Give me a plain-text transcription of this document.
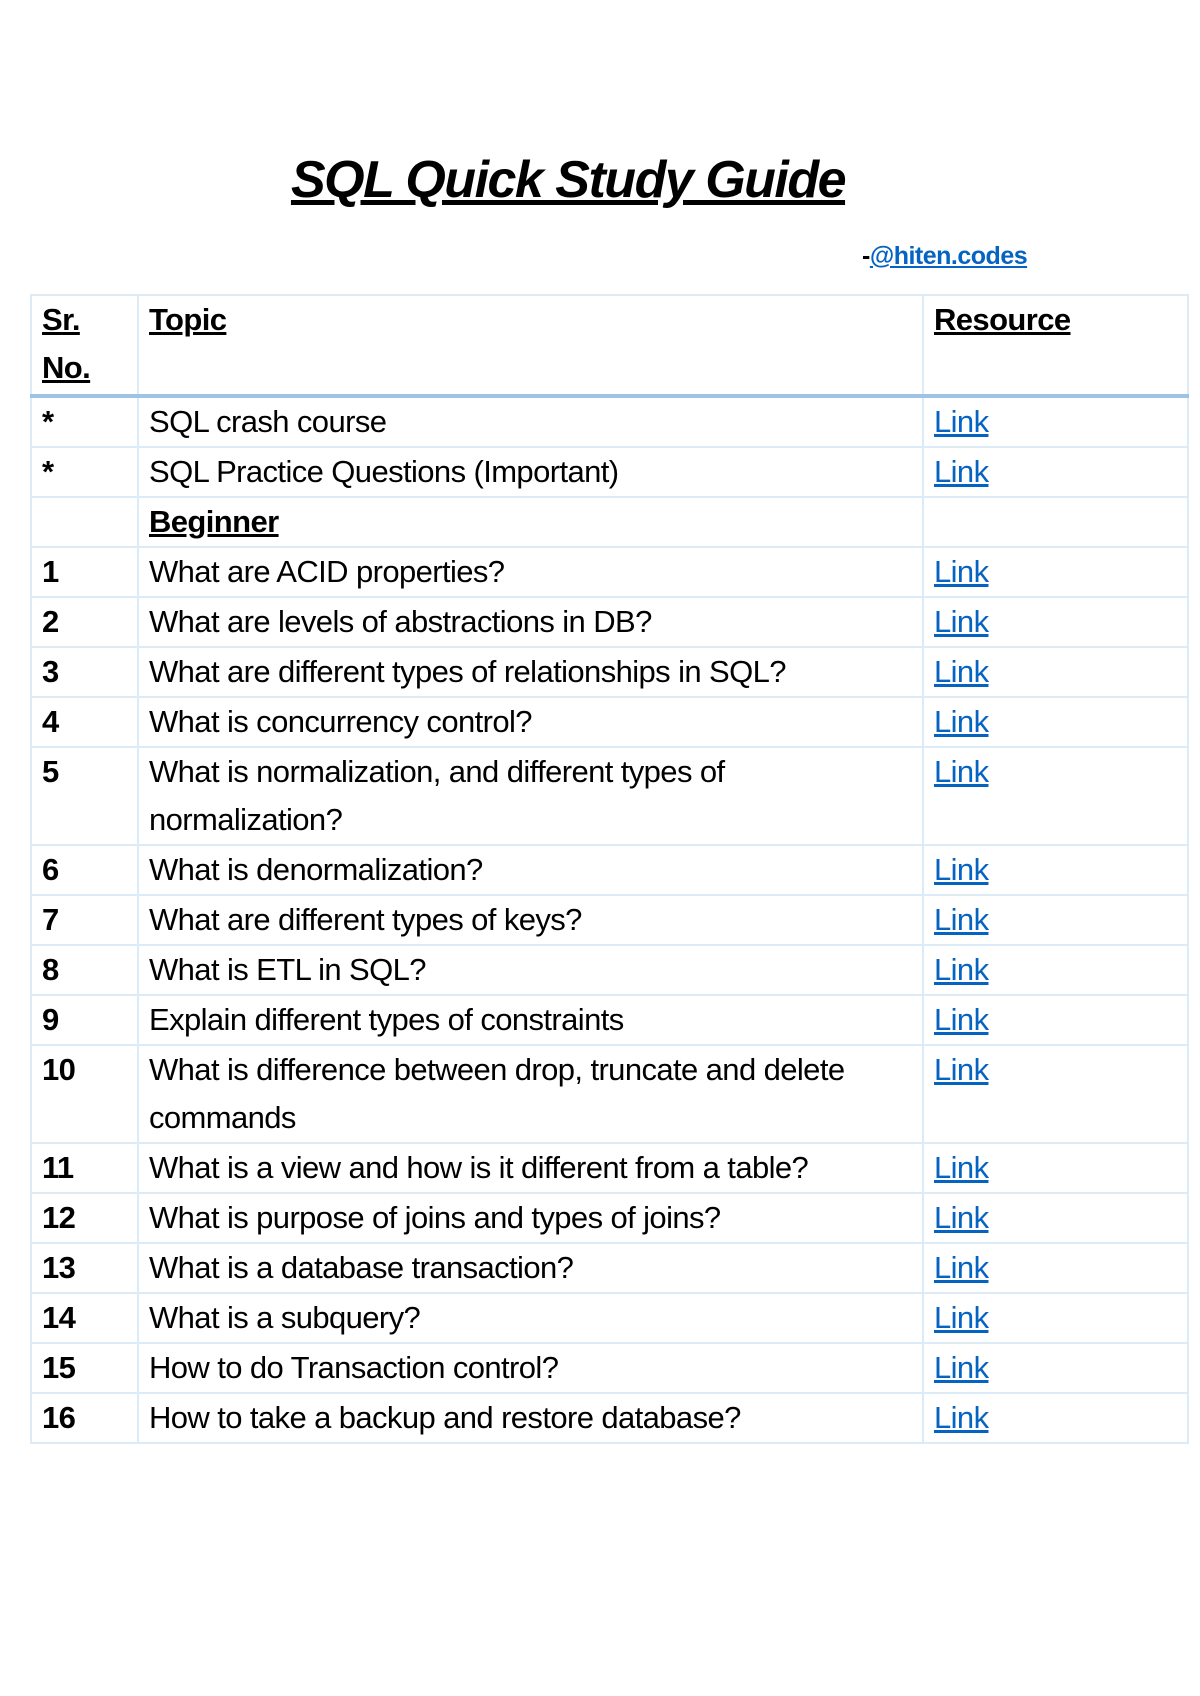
SQL Quick Study Guide
-@hiten.codes
Sr. No.	Topic	Resource
*	SQL crash course	Link
*	SQL Practice Questions (Important)	Link
	Beginner	
1	What are ACID properties?	Link
2	What are levels of abstractions in DB?	Link
3	What are different types of relationships in SQL?	Link
4	What is concurrency control?	Link
5	What is normalization, and different types of normalization?	Link
6	What is denormalization?	Link
7	What are different types of keys?	Link
8	What is ETL in SQL?	Link
9	Explain different types of constraints	Link
10	What is difference between drop, truncate and delete commands	Link
11	What is a view and how is it different from a table?	Link
12	What is purpose of joins and types of joins?	Link
13	What is a database transaction?	Link
14	What is a subquery?	Link
15	How to do Transaction control?	Link
16	How to take a backup and restore database?	Link
